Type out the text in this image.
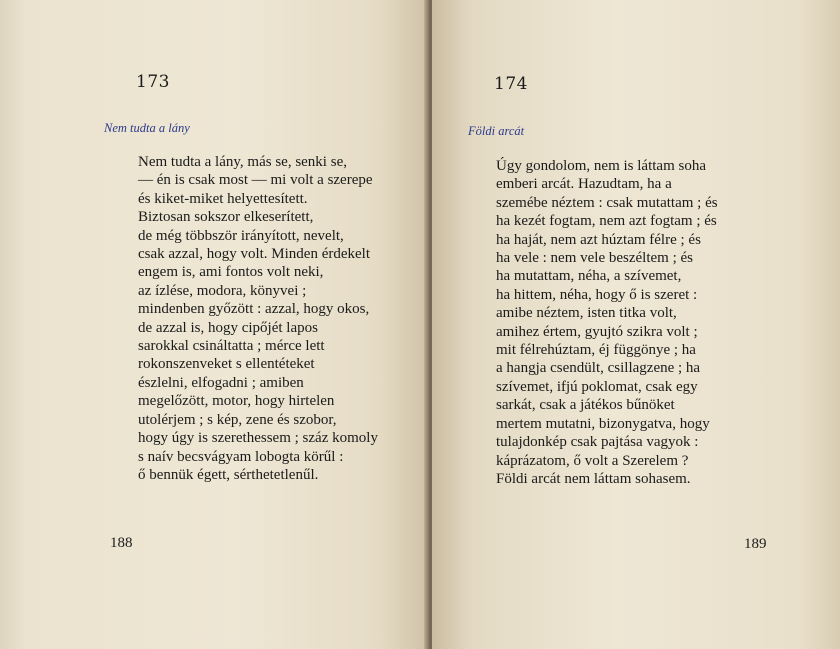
173
Nem tudta a lány
Nem tudta a lány, más se, senki se,
— én is csak most — mi volt a szerepe
és kiket-miket helyettesített.
Biztosan sokszor elkeserített,
de még többször irányított, nevelt,
csak azzal, hogy volt. Minden érdekelt
engem is, ami fontos volt neki,
az ízlése, modora, könyvei ;
mindenben győzött : azzal, hogy okos,
de azzal is, hogy cipőjét lapos
sarokkal csináltatta ; mérce lett
rokonszenveket s ellentéteket
észlelni, elfogadni ; amiben
megelőzött, motor, hogy hirtelen
utolérjem ; s kép, zene és szobor,
hogy úgy is szerethessem ; száz komoly
s naív becsvágyam lobogta körűl :
ő bennük égett, sérthetetlenűl.
188
174
Földi arcát
Úgy gondolom, nem is láttam soha
emberi arcát. Hazudtam, ha a
szemébe néztem : csak mutattam ; és
ha kezét fogtam, nem azt fogtam ; és
ha haját, nem azt húztam félre ; és
ha vele : nem vele beszéltem ; és
ha mutattam, néha, a szívemet,
ha hittem, néha, hogy ő is szeret :
amibe néztem, isten titka volt,
amihez értem, gyujtó szikra volt ;
mit félrehúztam, éj függönye ; ha
a hangja csendült, csillagzene ; ha
szívemet, ifjú poklomat, csak egy
sarkát, csak a játékos bűnöket
mertem mutatni, bizonygatva, hogy
tulajdonkép csak pajtása vagyok :
káprázatom, ő volt a Szerelem ?
Földi arcát nem láttam sohasem.
189
